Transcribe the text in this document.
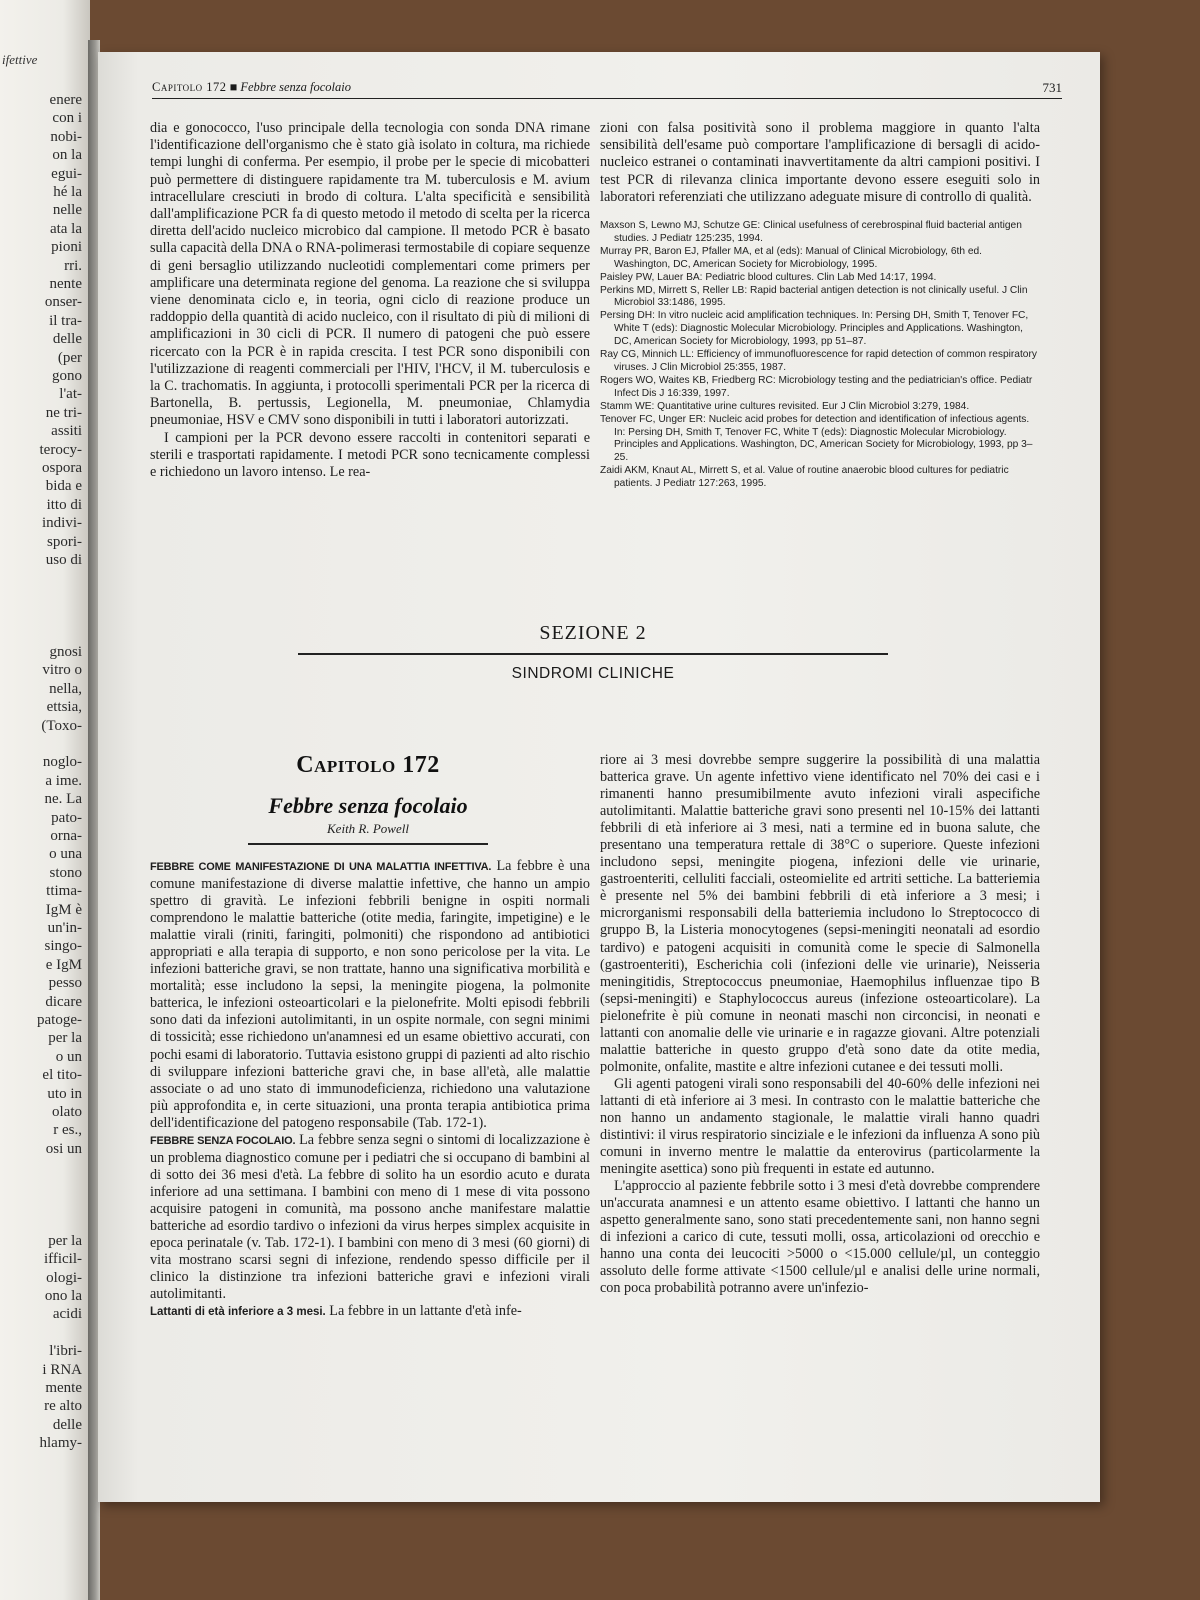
ifettive
enere
con i
nobi-
on la
egui-
hé la
nelle
ata la
pioni
rri.
nente
onser-
il tra-
delle
(per
gono
l'at-
ne tri-
assiti
terocy-
ospora
bida e
itto di
indivi-
spori-
uso di
gnosi
vitro o
nella,
ettsia,
(Toxo-
noglo-
a ime.
ne. La
pato-
orna-
o una
stono
ttima-
IgM è
un'in-
singo-
e IgM
pesso
dicare
patoge-
per la
o un
el tito-
uto in
olato
r es.,
osi un
per la
ifficil-
ologi-
ono la
acidi
l'ibri-
i RNA
mente
re alto
delle
hlamy-
Capitolo 172 ■ Febbre senza focolaio	731

dia e gonococco, l'uso principale della tecnologia con sonda DNA rimane l'identificazione dell'organismo che è stato già isolato in coltura, ma richiede tempi lunghi di conferma. Per esempio, il probe per le specie di micobatteri può permettere di distinguere rapidamente tra M. tuberculosis e M. avium intracellulare cresciuti in brodo di coltura. L'alta specificità e sensibilità dall'amplificazione PCR fa di questo metodo il metodo di scelta per la ricerca diretta dell'acido nucleico microbico dal campione. Il metodo PCR è basato sulla capacità della DNA o RNA-polimerasi termostabile di copiare sequenze di geni bersaglio utilizzando nucleotidi complementari come primers per amplificare una determinata regione del genoma. La reazione che si sviluppa viene denominata ciclo e, in teoria, ogni ciclo di reazione produce un raddoppio della quantità di acido nucleico, con il risultato di più di milioni di amplificazioni in 30 cicli di PCR. Il numero di patogeni che può essere ricercato con la PCR è in rapida crescita. I test PCR sono disponibili con l'utilizzazione di reagenti commerciali per l'HIV, l'HCV, il M. tuberculosis e la C. trachomatis. In aggiunta, i protocolli sperimentali PCR per la ricerca di Bartonella, B. pertussis, Legionella, M. pneumoniae, Chlamydia pneumoniae, HSV e CMV sono disponibili in tutti i laboratori autorizzati.

I campioni per la PCR devono essere raccolti in contenitori separati e sterili e trasportati rapidamente. I metodi PCR sono tecnicamente complessi e richiedono un lavoro intenso. Le rea-

zioni con falsa positività sono il problema maggiore in quanto l'alta sensibilità dell'esame può comportare l'amplificazione di bersagli di acido-nucleico estranei o contaminati inavvertitamente da altri campioni positivi. I test PCR di rilevanza clinica importante devono essere eseguiti solo in laboratori referenziati che utilizzano adeguate misure di controllo di qualità.

Maxson S, Lewno MJ, Schutze GE: Clinical usefulness of cerebrospinal fluid bacterial antigen studies. J Pediatr 125:235, 1994.

Murray PR, Baron EJ, Pfaller MA, et al (eds): Manual of Clinical Microbiology, 6th ed. Washington, DC, American Society for Microbiology, 1995.

Paisley PW, Lauer BA: Pediatric blood cultures. Clin Lab Med 14:17, 1994.

Perkins MD, Mirrett S, Reller LB: Rapid bacterial antigen detection is not clinically useful. J Clin Microbiol 33:1486, 1995.

Persing DH: In vitro nucleic acid amplification techniques. In: Persing DH, Smith T, Tenover FC, White T (eds): Diagnostic Molecular Microbiology. Principles and Applications. Washington, DC, American Society for Microbiology, 1993, pp 51–87.

Ray CG, Minnich LL: Efficiency of immunofluorescence for rapid detection of common respiratory viruses. J Clin Microbiol 25:355, 1987.

Rogers WO, Waites KB, Friedberg RC: Microbiology testing and the pediatrician's office. Pediatr Infect Dis J 16:339, 1997.

Stamm WE: Quantitative urine cultures revisited. Eur J Clin Microbiol 3:279, 1984.

Tenover FC, Unger ER: Nucleic acid probes for detection and identification of infectious agents. In: Persing DH, Smith T, Tenover FC, White T (eds): Diagnostic Molecular Microbiology. Principles and Applications. Washington, DC, American Society for Microbiology, 1993, pp 3–25.

Zaidi AKM, Knaut AL, Mirrett S, et al. Value of routine anaerobic blood cultures for pediatric patients. J Pediatr 127:263, 1995.

SEZIONE 2
SINDROMI CLINICHE
Capitolo 172
Febbre senza focolaio
Keith R. Powell

FEBBRE COME MANIFESTAZIONE DI UNA MALATTIA INFETTIVA. La febbre è una comune manifestazione di diverse malattie infettive, che hanno un ampio spettro di gravità. Le infezioni febbrili benigne in ospiti normali comprendono le malattie batteriche (otite media, faringite, impetigine) e le malattie virali (riniti, faringiti, polmoniti) che rispondono ad antibiotici appropriati e alla terapia di supporto, e non sono pericolose per la vita. Le infezioni batteriche gravi, se non trattate, hanno una significativa morbilità e mortalità; esse includono la sepsi, la meningite piogena, la polmonite batterica, le infezioni osteoarticolari e la pielonefrite. Molti episodi febbrili sono dati da infezioni autolimitanti, in un ospite normale, con segni minimi di tossicità; esse richiedono un'anamnesi ed un esame obiettivo accurati, con pochi esami di laboratorio. Tuttavia esistono gruppi di pazienti ad alto rischio di sviluppare infezioni batteriche gravi che, in base all'età, alle malattie associate o ad uno stato di immunodeficienza, richiedono una valutazione più approfondita e, in certe situazioni, una pronta terapia antibiotica prima dell'identificazione del patogeno responsabile (Tab. 172-1).

FEBBRE SENZA FOCOLAIO. La febbre senza segni o sintomi di localizzazione è un problema diagnostico comune per i pediatri che si occupano di bambini al di sotto dei 36 mesi d'età. La febbre di solito ha un esordio acuto e durata inferiore ad una settimana. I bambini con meno di 1 mese di vita possono acquisire patogeni in comunità, ma possono anche manifestare malattie batteriche ad esordio tardivo o infezioni da virus herpes simplex acquisite in epoca perinatale (v. Tab. 172-1). I bambini con meno di 3 mesi (60 giorni) di vita mostrano scarsi segni di infezione, rendendo spesso difficile per il clinico la distinzione tra infezioni batteriche gravi e infezioni virali autolimitanti.

Lattanti di età inferiore a 3 mesi. La febbre in un lattante d'età infe-

riore ai 3 mesi dovrebbe sempre suggerire la possibilità di una malattia batterica grave. Un agente infettivo viene identificato nel 70% dei casi e i rimanenti hanno presumibilmente avuto infezioni virali aspecifiche autolimitanti. Malattie batteriche gravi sono presenti nel 10-15% dei lattanti febbrili di età inferiore ai 3 mesi, nati a termine ed in buona salute, che presentano una temperatura rettale di 38°C o superiore. Queste infezioni includono sepsi, meningite piogena, infezioni delle vie urinarie, gastroenteriti, celluliti facciali, osteomielite ed artriti settiche. La batteriemia è presente nel 5% dei bambini febbrili di età inferiore a 3 mesi; i microrganismi responsabili della batteriemia includono lo Streptococco di gruppo B, la Listeria monocytogenes (sepsi-meningiti neonatali ad esordio tardivo) e patogeni acquisiti in comunità come le specie di Salmonella (gastroenteriti), Escherichia coli (infezioni delle vie urinarie), Neisseria meningitidis, Streptococcus pneumoniae, Haemophilus influenzae tipo B (sepsi-meningiti) e Staphylococcus aureus (infezione osteoarticolare). La pielonefrite è più comune in neonati maschi non circoncisi, in neonati e lattanti con anomalie delle vie urinarie e in ragazze giovani. Altre potenziali malattie batteriche in questo gruppo d'età sono date da otite media, polmonite, onfalite, mastite e altre infezioni cutanee e dei tessuti molli.

Gli agenti patogeni virali sono responsabili del 40-60% delle infezioni nei lattanti di età inferiore ai 3 mesi. In contrasto con le malattie batteriche che non hanno un andamento stagionale, le malattie virali hanno quadri distintivi: il virus respiratorio sinciziale e le infezioni da influenza A sono più comuni in inverno mentre le malattie da enterovirus (particolarmente la meningite asettica) sono più frequenti in estate ed autunno.

L'approccio al paziente febbrile sotto i 3 mesi d'età dovrebbe comprendere un'accurata anamnesi e un attento esame obiettivo. I lattanti che hanno un aspetto generalmente sano, sono stati precedentemente sani, non hanno segni di infezioni a carico di cute, tessuti molli, ossa, articolazioni od orecchio e hanno una conta dei leucociti >5000 o <15.000 cellule/µl, un conteggio assoluto delle forme attivate <1500 cellule/µl e analisi delle urine normali, con poca probabilità potranno avere un'infezio-
